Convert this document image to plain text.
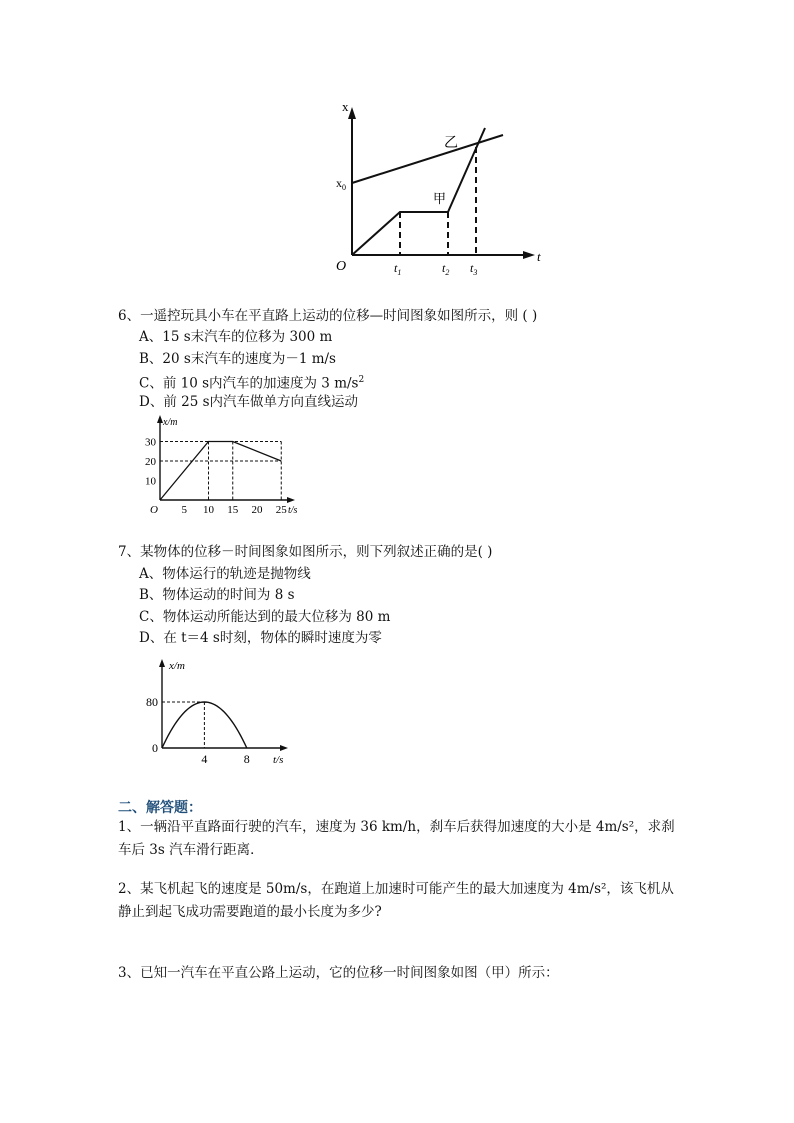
x
$x_0$
O
t
$t_1$	$t_2$ $t_3$
乙
甲
6、一遥控玩具小车在平直路上运动的位移—时间图象如图所示，则 ( )
A、15 s末汽车的位移为 300 m
B、20 s末汽车的速度为－1 m/s
C、前 10 s内汽车的加速度为 3 $m/s^2$
D、前 25 s内汽车做单方向直线运动
5 10 15 20 25
10
20
30
O
x/m
t/s
7、某物体的位移－时间图象如图所示，则下列叙述正确的是( )
A、物体运行的轨迹是抛物线
B、物体运动的时间为 8 s
C、物体运动所能达到的最大位移为 80 m
D、在 t＝4 s时刻，物体的瞬时速度为零
4	8
0
80
x/m
t/s
二、解答题：
1、一辆沿平直路面行驶的汽车，速度为 36 km/h，刹车后获得加速度的大小是 4m/s²，求刹车后 3s 汽车滑行距离．
2、某飞机起飞的速度是 50m/s，在跑道上加速时可能产生的最大加速度为 4m/s²，该飞机从静止到起飞成功需要跑道的最小长度为多少?
3、已知一汽车在平直公路上运动，它的位移一时间图象如图（甲）所示：
